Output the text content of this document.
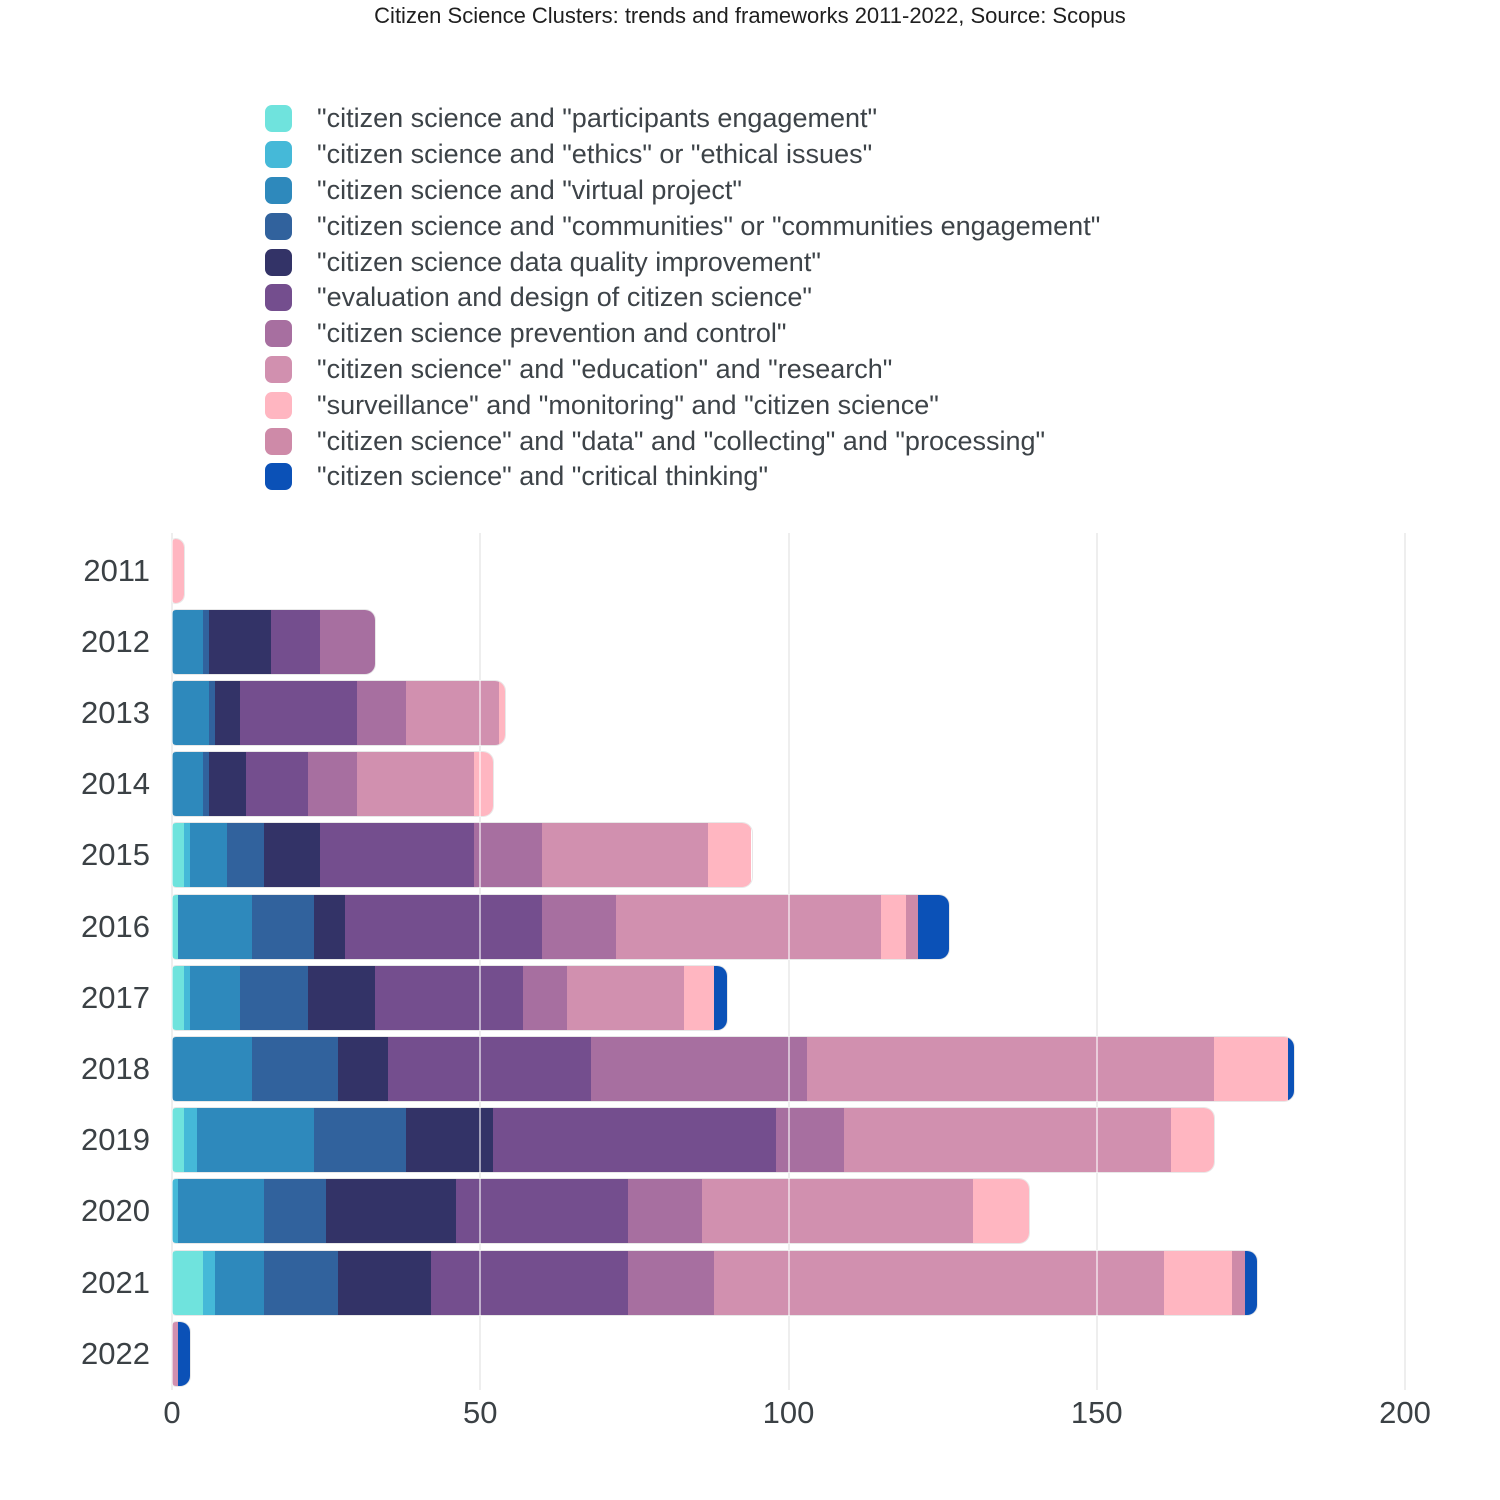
Citizen Science Clusters: trends and frameworks 2011-2022, Source: Scopus
"citizen science and "participants engagement"
"citizen science and "ethics" or "ethical issues"
"citizen science and "virtual project"
"citizen science and "communities" or "communities engagement"
"citizen science data quality improvement"
"evaluation and design of citizen science"
"citizen science prevention and control"
"citizen science" and "education" and "research"
"surveillance" and "monitoring" and "citizen science"
"citizen science" and "data" and "collecting" and "processing"
"citizen science" and "critical thinking"
2011
2012
2013
2014
2015
2016
2017
2018
2019
2020
2021
2022
0	50	100	150	200
